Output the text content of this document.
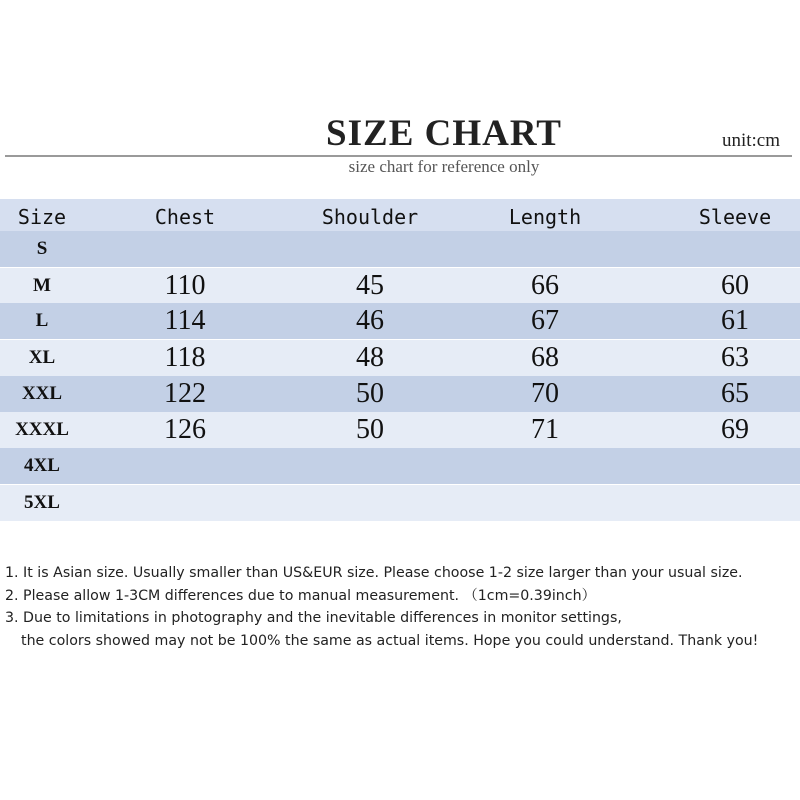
SIZE CHART	unit:cm
size chart for reference only
Size	Chest	Shoulder	Length	Sleeve
S
M	110	45	66	60
L	114	46	67	61
XL	118	48	68	63
XXL	122	50	70	65
XXXL	126	50	71	69
4XL
5XL
1. It is Asian size. Usually smaller than US&EUR size. Please choose 1-2 size larger than your usual size.
2. Please allow 1-3CM differences due to manual measurement. （1cm=0.39inch）
3. Due to limitations in photography and the inevitable differences in monitor settings,
the colors showed may not be 100% the same as actual items. Hope you could understand. Thank you!
